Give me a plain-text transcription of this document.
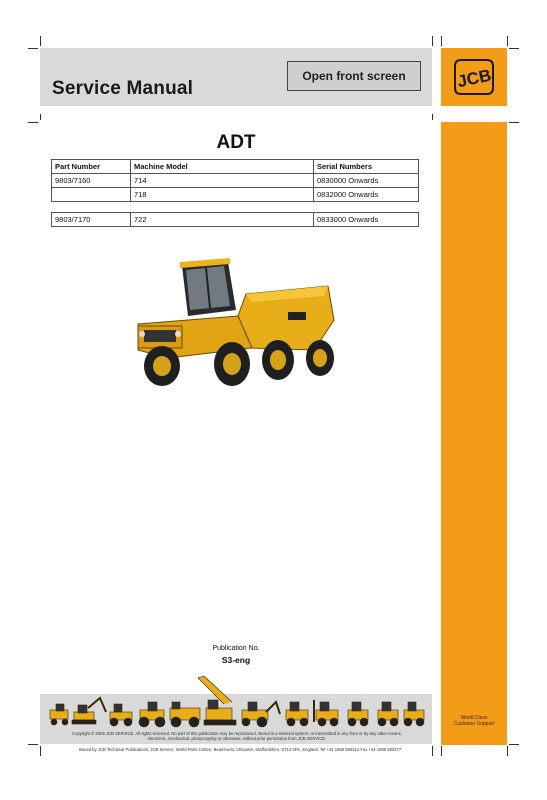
Service Manual
Open front screen	JCB
World Class
Customer Support
ADT
Part Number	Machine Model	Serial Numbers
9803/7160	714	0830000 Onwards
	718	0832000 Onwards
9803/7170	722	0833000 Onwards
Publication No.
S3-eng
Copyright © 2004 JCB SERVICE. All rights reserved. No part of this publication may be reproduced, stored in a retrieval system, or transmitted in any form or by any other means,
electronic, mechanical, photocopying or otherwise, without prior permission from JCB SERVICE.
Issued by JCB Technical Publications, JCB Service, World Parts Centre, Beamhurst, Uttoxeter, Staffordshire, ST14 5PA, England. Tel +44 1889 590312 Fax +44 1889 593377
